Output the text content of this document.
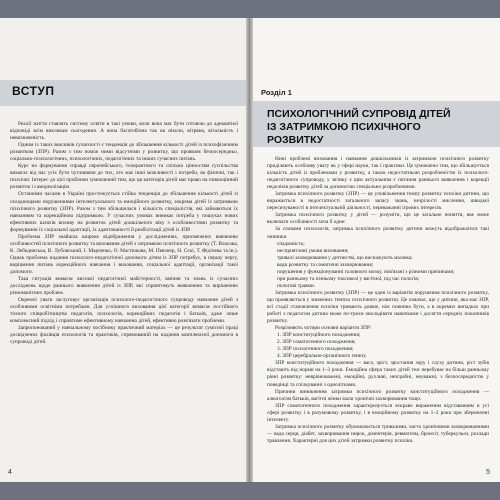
ВСТУП

Реалії життя ставлять систему освіти в такі умови, коли вона має бути готовою до адекватної відповіді всім викликам сьогодення. А вона багатобічна так як ніколи, вітряна, вітальність і невизначеність.

Одним із таких викликів сучасності є тенденція до збільшення кількості дітей із психофізичним розвитком (ЗПР). Разом з тим поміж ними відсутніми у розвитку, що проявляє безпосередньо, соціально-психологічних, психологічних, педагогічних та інших сучасних питань.

Курс на формування справді європейського, толерантного та спільно цінностям суспільства вимагає від нас усіх бути чутливими до тих, хто має інші можливості і потреби, як фізичні, так і психічні. Інтерес до цієї проблеми зумовлений тим, що ця категорія дітей має право на повноцінний розвиток і самореалізацію.

Останніми часами в Україні простежується стійка тенденція до збільшення кількості дітей зі складнощами порушеннями інтелектуального та емоційного розвитку, зокрема дітей із затримкою психічного розвитку (ЗПР). Разом з тим збільшилася і кількість спеціалістів, які займаються їх навчанням та корекційною підтримкою. У сучасних умовах виникає потреба у пошуках нових ефективних шляхів впливу на розвиток дітей дошкільного віку з особливостями розвитку та формування їх соціальної адаптації, їх адаптованості й реабілітації дітей із ЗПР.

Проблема ЗПР знайшла широке відображення у дослідженнях, присвячених вивченню особливостей психічного розвитку та виховання дітей з затримкою психічного розвитку (Т. Власова, К. Лебединська, В. Лубовський, І. Марченко, О. Мастюкова, М. Певзнер, Н. Сєкі, Т. Фідічева та ін.). Однак проблема надання психолого-педагогічної допомоги дітям із ЗПР потребує, в першу чергу, вирішення питань корекційного навчання і виховання, соціальної адаптації, організації такої допомоги.

Така ситуація вимагає високої педагогічної майстерності, вміння та знань із сучасних досліджень щодо раннього виявлення дітей із ЗПР, які сприятимуть виявленню та вирішенню різноманітних проблем.

Окремої уваги заслуговує організація психолого-педагогічного супроводу навчання дітей з особливими освітніми потребами. Для успішного виховання цієї категорії вимагає постійного тісного співробітництва педагогів, психологів, корекційних педагогів і батьків, адже лише комплексний підхід і сприятиме ефективному навчанню дітей, ефективно розв'язати проблеми.

Запропонований у навчальному посібнику практичний матеріал — це результат сумісної праці досвідчених фахівців психологів та практиків, спрямований на надання комплексної допомоги в супроводі дітей.

4
Розділ 1
ПСИХОЛОГІЧНИЙ СУПРОВІД ДІТЕЙ
ІЗ ЗАТРИМКОЮ ПСИХІЧНОГО РОЗВИТКУ

Нині проблемі виховання і навчання дошкільників із затримкою психічного розвитку приділяють особливу увагу як у сфері науки, так і практики. Це зумовлено тим, що збільшується кількість дітей із проблемами у розвитку, а також недостатньою розробленістю їх психолого-педагогічного супроводу, у зв'язку з цим актуальним є питання раннього виявлення і корекції недоліків розвитку дітей за допомогою спеціально розробленими.

Затримка психічного розвитку (ЗПР) — це уповільнення темпу розвитку психіки дитини, що виражається в недостатності загального запасу знань, незрілості мислення, швидкої пересичуваності в інтелектуальній діяльності, переважанні ігрових інтересів.

Затримка психічного розвитку у дітей — розуміти, що це загальне поняття, яке може включати особливості хоча б одне:

За словами психологів, затримка психічного розвитку дитини можуть відображатися такі чинники

спадковість;

несприятливі умови виховання;

тривалі захворювання у дитинстві, що виснажують малюка;

вади розвитку та соматичні захворювання;

порушення у функціонуванні головного мозку, пов'язані з різними причинами;

при ранньому та пізньому токсикозі у вагітної, під час пологів;

пологові травми.

Затримка психічного розвитку (ЗПР) — це один із варіантів порушення психічного розвитку, що проявляється у знижених темпах психічного розвитку. Це означає, що у дитини, яка має ЗПР, всі стадії становлення психіки тривають довше, ніж повинно бути, а в окремих випадках при роботі з педагогом дитина може по-трохи оволодівати навичками і досягти середніх показників розвитку.

Розрізняють чотири основні варіанти ЗПР:

1. ЗПР конституційного походження;

2. ЗПР соматогенного походження;

3. ЗПР психогенного походження;

4. ЗПР церебрально-органічного генезу.

ЗПР конституційного походження — вага, зріст, зростання зору і слуху дитини, ріст зубів відстають від норми на 1–3 роки. Емоційна сфера таких дітей теж перебуває на більш ранньому рівні розвитку: неврівноважені, емоційні, рухливі, незграбні, неуважні, з безпосередністю у поведінці та спілкуванні з однолітками.

Причини виникнення затримки психічного розвитку конституційного походження — алкоголізм батьків, вагітні жінки мали хронічні захворювання тощо.

ЗПР соматогенного походження характеризується яскраво вираженим відставанням в усі сфері розвитку і в розумовому розвитку, і в емоційному розвитку на 1–2 роки при збереженні інтелекту.

Затримка психічного розвитку обумовлюється тривалими, часто хронічними захворюваннями — вада серця, діабет, захворювання нирок, дизентерія, ревматизм, бронхіт, туберкульоз, розлади травлення. Характерні для цих дітей затримки розвитку психіки.

5
